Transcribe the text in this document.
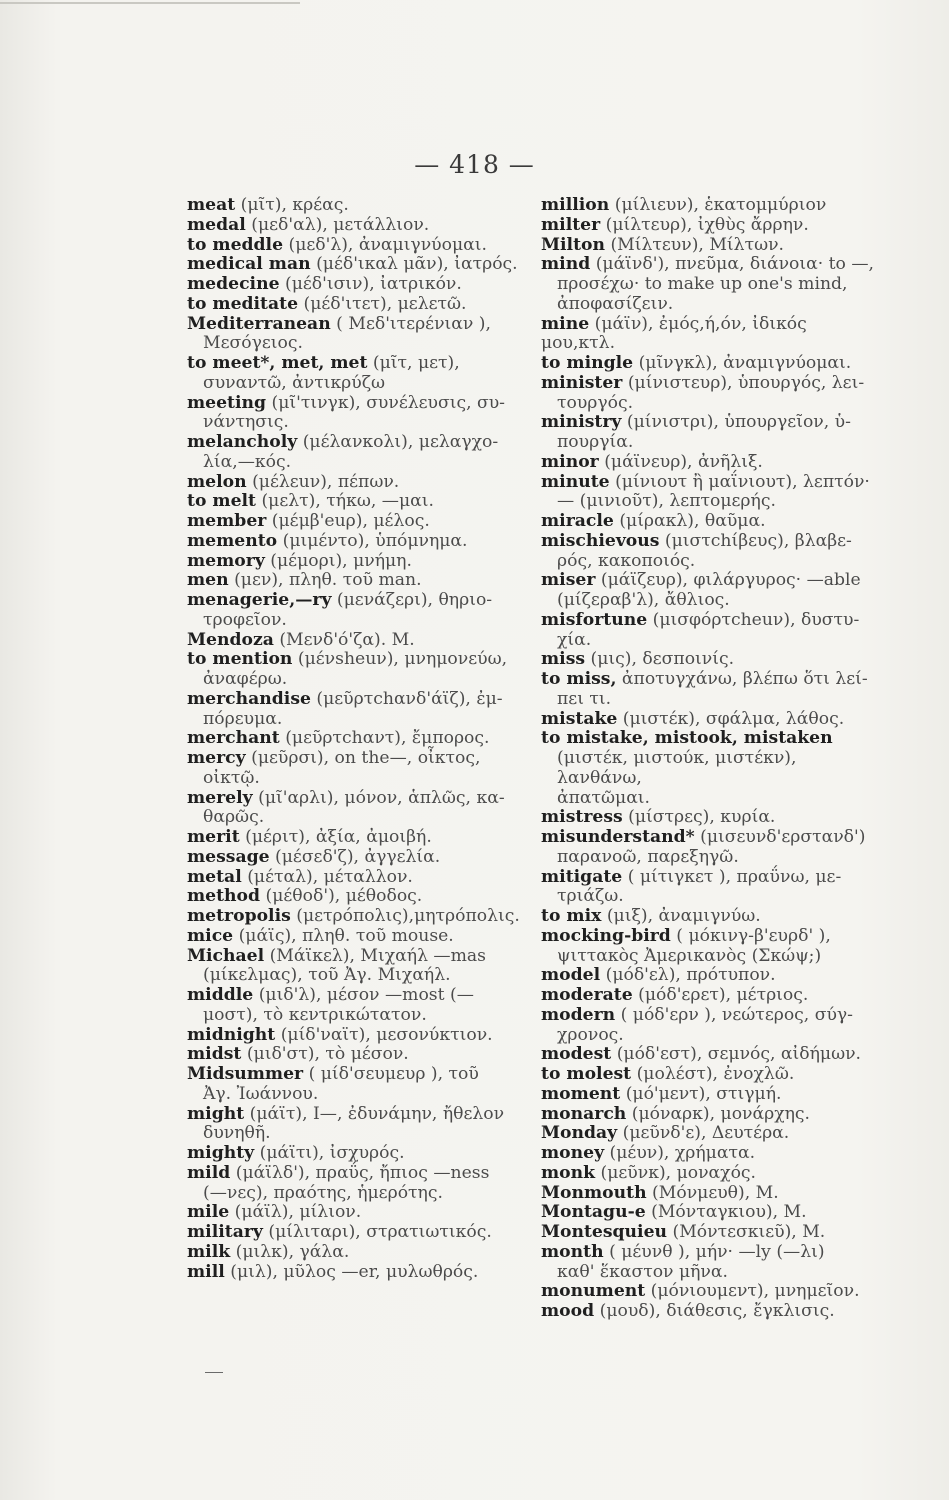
— 418 —
meat (μῖτ), κρέας.
medal (μεδ'αλ), μετάλλιον.
to meddle (μεδ'λ), ἀναμιγνύομαι.
medical man (μέδ'ικαλ μᾶν), ἰατρός.
medecine (μέδ'ισιν), ἰατρικόν.
to meditate (μέδ'ιτετ), μελετῶ.
Mediterranean ( Μεδ'ιτερένιαν ),
Μεσόγειος.
to meet*, met, met (μῖτ, μετ),
συναντῶ, ἀντικρύζω
meeting (μῖ'τινγκ), συνέλευσις, συ-
νάντησις.
melancholy (μέλανκολι), μελαγχο-
λία,—κός.
melon (μέλεuν), πέπων.
to melt (μελτ), τήκω, —μαι.
member (μέμβ'euρ), μέλος.
memento (μιμέντο), ὑπόμνημα.
memory (μέμορι), μνήμη.
men (μεν), πληθ. τοῦ man.
menagerie,—ry (μενάζερι), θηριο-
τροφεῖον.
Mendoza (Μενδ'ό'ζα). Μ.
to mention (μένsheuν), μνημονεύω,
ἀναφέρω.
merchandise (μεῦρτchανδ'άϊζ), ἐμ-
πόρευμα.
merchant (μεῦρτchαντ), ἔμπορος.
mercy (μεῦρσι), on the—, οἶκτος,
οἰκτῷ.
merely (μῖ'αρλι), μόνον, ἁπλῶς, κα-
θαρῶς.
merit (μέριτ), ἀξία, ἀμοιβή.
message (μέσεδ'ζ), ἀγγελία.
metal (μέταλ), μέταλλον.
method (μέθοδ'), μέθοδος.
metropolis (μετρόπολις),μητρόπολις.
mice (μάϊς), πληθ. τοῦ mouse.
Michael (Μάϊκελ), Μιχαήλ —mas
(μίκελμας), τοῦ Ἀγ. Μιχαήλ.
middle (μιδ'λ), μέσον —most (—
μοστ), τὸ κεντρικώτατον.
midnight (μίδ'ναϊτ), μεσονύκτιον.
midst (μιδ'στ), τὸ μέσον.
Midsummer ( μίδ'σευμευρ ), τοῦ
Ἀγ. Ἰωάννου.
might (μάϊτ), I—, ἐδυνάμην, ἤθελον
δυνηθῆ.
mighty (μάϊτι), ἰσχυρός.
mild (μάϊλδ'), πραΰς, ἤπιος —ness
(—νες), πραότης, ἡμερότης.
mile (μάϊλ), μίλιον.
military (μίλιταρι), στρατιωτικός.
milk (μιλκ), γάλα.
mill (μιλ), μῦλος —er, μυλωθρός.
million (μίλιευν), ἑκατομμύριον
milter (μίλτευρ), ἰχθὺς ἄρρην.
Milton (Μίλτευν), Μίλτων.
mind (μάϊνδ'), πνεῦμα, διάνοια· to —,
προσέχω· to make up one's mind,
ἀποφασίζειν.
mine (μάϊν), ἐμός,ή,όν, ἰδικός μου,κτλ.
to mingle (μῖνγκλ), ἀναμιγνύομαι.
minister (μίνιστευρ), ὑπουργός, λει-
τουργός.
ministry (μίνιστρι), ὑπουργεῖον, ὑ-
πουργία.
minor (μάϊνευρ), ἀνῆλιξ.
minute (μίνιουτ ἢ μαΐνιουτ), λεπτόν·
— (μινιοῦτ), λεπτομερής.
miracle (μίρακλ), θαῦμα.
mischievous (μιστchίβευς), βλαβε-
ρός, κακοποιός.
miser (μάϊζευρ), φιλάργυρος· —able
(μίζεραβ'λ), ἄθλιος.
misfortune (μισφόρτcheuν), δυστυ-
χία.
miss (μις), δεσποινίς.
to miss, ἀποτυγχάνω, βλέπω ὅτι λεί-
πει τι.
mistake (μιστέκ), σφάλμα, λάθος.
to mistake, mistook, mistaken
(μιστέκ, μιστούκ, μιστέκν), λανθάνω,
ἀπατῶμαι.
mistress (μίστρες), κυρία.
misunderstand* (μισευνδ'ερστανδ')
παρανοῶ, παρεξηγῶ.
mitigate ( μίτιγκετ ), πραΰνω, με-
τριάζω.
to mix (μιξ), ἀναμιγνύω.
mocking-bird ( μόκινγ-β'ευρδ' ),
ψιττακὸς Ἀμερικανὸς (Σκώψ;)
model (μόδ'ελ), πρότυπον.
moderate (μόδ'ερετ), μέτριος.
modern ( μόδ'ερν ), νεώτερος, σύγ-
χρονος.
modest (μόδ'εστ), σεμνός, αἰδήμων.
to molest (μολέστ), ἐνοχλῶ.
moment (μό'μεντ), στιγμή.
monarch (μόναρκ), μονάρχης.
Monday (μεῦνδ'ε), Δευτέρα.
money (μέυν), χρήματα.
monk (μεῦνκ), μοναχός.
Monmouth (Μόνμευθ), Μ.
Montagu-e (Μόνταγκιου), Μ.
Montesquieu (Μόντεσκιεῦ), Μ.
month ( μέυνθ ), μήν· —ly (—λι)
καθ' ἕκαστον μῆνα.
monument (μόνιουμεντ), μνημεῖον.
mood (μουδ), διάθεσις, ἔγκλισις.
